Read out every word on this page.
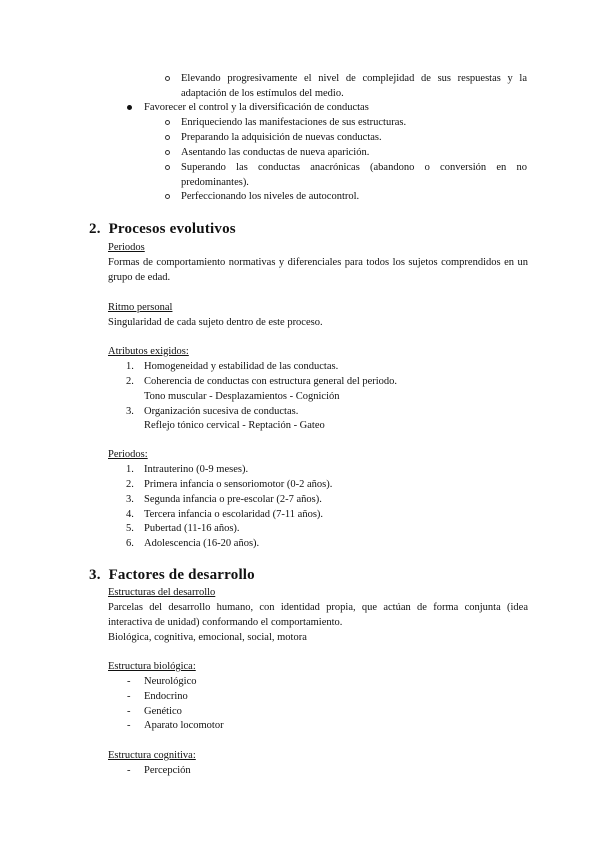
Elevando progresivamente el nivel de complejidad de sus respuestas y la adaptación de los estímulos del medio.
Favorecer el control y la diversificación de conductas
Enriqueciendo las manifestaciones de sus estructuras.
Preparando la adquisición de nuevas conductas.
Asentando las conductas de nueva aparición.
Superando las conductas anacrónicas (abandono o conversión en no predominantes).
Perfeccionando los niveles de autocontrol.
2. Procesos evolutivos
Periodos
Formas de comportamiento normativas y diferenciales para todos los sujetos comprendidos en un grupo de edad.
Ritmo personal
Singularidad de cada sujeto dentro de este proceso.
Atributos exigidos:
1. Homogeneidad y estabilidad de las conductas.
2. Coherencia de conductas con estructura general del periodo.
Tono muscular - Desplazamientos - Cognición
3. Organización sucesiva de conductas.
Reflejo tónico cervical - Reptación - Gateo
Periodos:
1. Intrauterino (0-9 meses).
2. Primera infancia o sensoriomotor (0-2 años).
3. Segunda infancia o pre-escolar (2-7 años).
4. Tercera infancia o escolaridad (7-11 años).
5. Pubertad (11-16 años).
6. Adolescencia (16-20 años).
3. Factores de desarrollo
Estructuras del desarrollo
Parcelas del desarrollo humano, con identidad propia, que actúan de forma conjunta (idea interactiva de unidad) conformando el comportamiento.
Biológica, cognitiva, emocional, social, motora
Estructura biológica:
- Neurológico
- Endocrino
- Genético
- Aparato locomotor
Estructura cognitiva:
- Percepción
